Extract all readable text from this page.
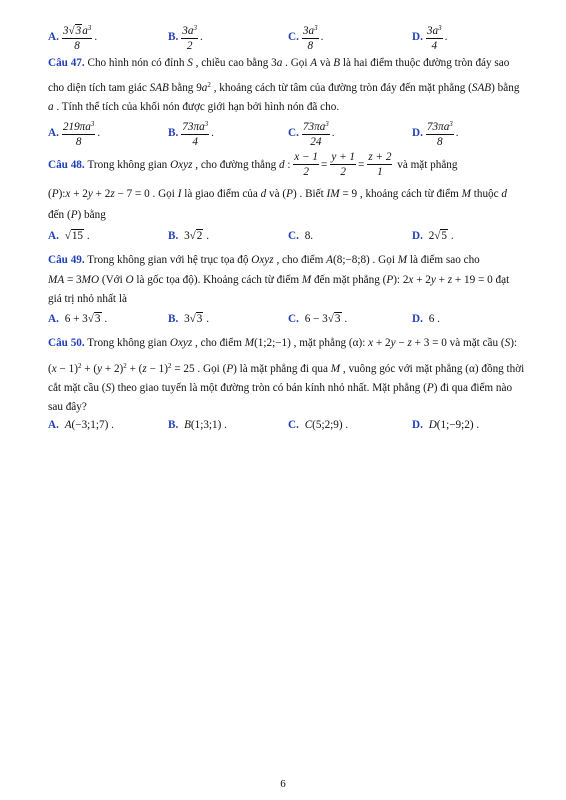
A. $\frac{3√3a^3}{8}$ .	B. $\frac{3a^3}{2}$ .	C. $\frac{3a^3}{8}$ .	D. $\frac{3a^3}{4}$ .
Câu 47. Cho hình nón có đỉnh S , chiều cao bằng 3a . Gọi A và B là hai điểm thuộc đường tròn đáy sao
cho diện tích tam giác SAB bằng $9a^2$ , khoảng cách từ tâm của đường tròn đáy đến mặt phẳng (SAB) bằng
a . Tính thể tích của khối nón được giới hạn bởi hình nón đã cho.
A. $\frac{219\pi a^3}{8}$ .	B. $\frac{73\pi a^3}{4}$ .	C. $\frac{73\pi a^3}{24}$ .	D. $\frac{73\pi a^3}{8}$ .
Câu 48. Trong không gian Oxyz , cho đường thẳng d : $\frac{x - 1}{2} = \frac{y + 1}{2} = \frac{z + 2}{1}$ và mặt phẳng
(P):x + 2y + 2z − 7 = 0 . Gọi I là giao điểm của d và (P) . Biết IM = 9 , khoảng cách từ điểm M thuộc d
đến (P) bằng
A. √15 .	B. 3√2 .	C. 8.	D. 2√5 .
Câu 49. Trong không gian với hệ trục tọa độ Oxyz , cho điểm A(8;−8;8) . Gọi M là điểm sao cho
MA = 3MO (Với O là gốc tọa độ). Khoảng cách từ điểm M đến mặt phẳng (P): 2x + 2y + z + 19 = 0 đạt
giá trị nhỏ nhất là
A. 6 + 3√3 .	B. 3√3 .	C. 6 − 3√3 .	D. 6 .
Câu 50. Trong không gian Oxyz , cho điểm M(1;2;−1) , mặt phẳng (α): x + 2y − z + 3 = 0 và mặt cầu (S):
$(x - 1)^2 + (y + 2)^2 + (z - 1)^2 = 25$ . Gọi (P) là mặt phẳng đi qua M , vuông góc với mặt phẳng (α) đồng thời
cắt mặt cầu (S) theo giao tuyến là một đường tròn có bán kính nhỏ nhất. Mặt phẳng (P) đi qua điểm nào
sau đây?
A. A(−3;1;7) .	B. B(1;3;1) .	C. C(5;2;9) .	D. D(1;−9;2) .
6
